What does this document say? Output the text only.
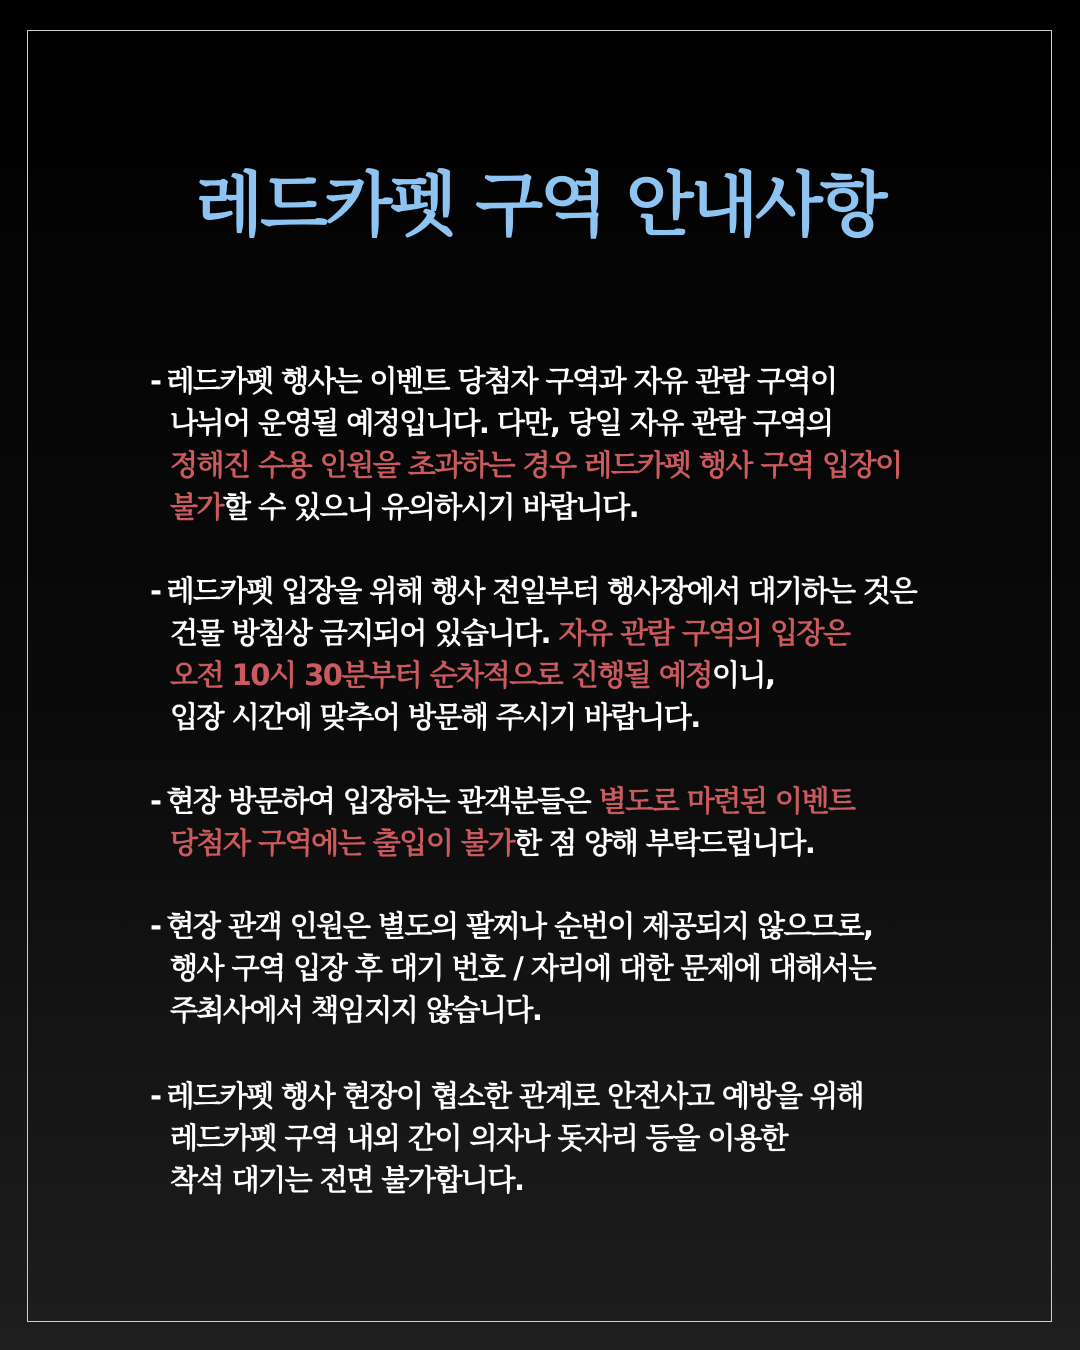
레드카펫 구역 안내사항
- 레드카펫 행사는 이벤트 당첨자 구역과 자유 관람 구역이
나뉘어 운영될 예정입니다. 다만, 당일 자유 관람 구역의
정해진 수용 인원을 초과하는 경우 레드카펫 행사 구역 입장이
불가할 수 있으니 유의하시기 바랍니다.
- 레드카펫 입장을 위해 행사 전일부터 행사장에서 대기하는 것은
건물 방침상 금지되어 있습니다. 자유 관람 구역의 입장은
오전 10시 30분부터 순차적으로 진행될 예정이니,
입장 시간에 맞추어 방문해 주시기 바랍니다.
- 현장 방문하여 입장하는 관객분들은 별도로 마련된 이벤트
당첨자 구역에는 출입이 불가한 점 양해 부탁드립니다.
- 현장 관객 인원은 별도의 팔찌나 순번이 제공되지 않으므로,
행사 구역 입장 후 대기 번호 / 자리에 대한 문제에 대해서는
주최사에서 책임지지 않습니다.
- 레드카펫 행사 현장이 협소한 관계로 안전사고 예방을 위해
레드카펫 구역 내외 간이 의자나 돗자리 등을 이용한
착석 대기는 전면 불가합니다.
